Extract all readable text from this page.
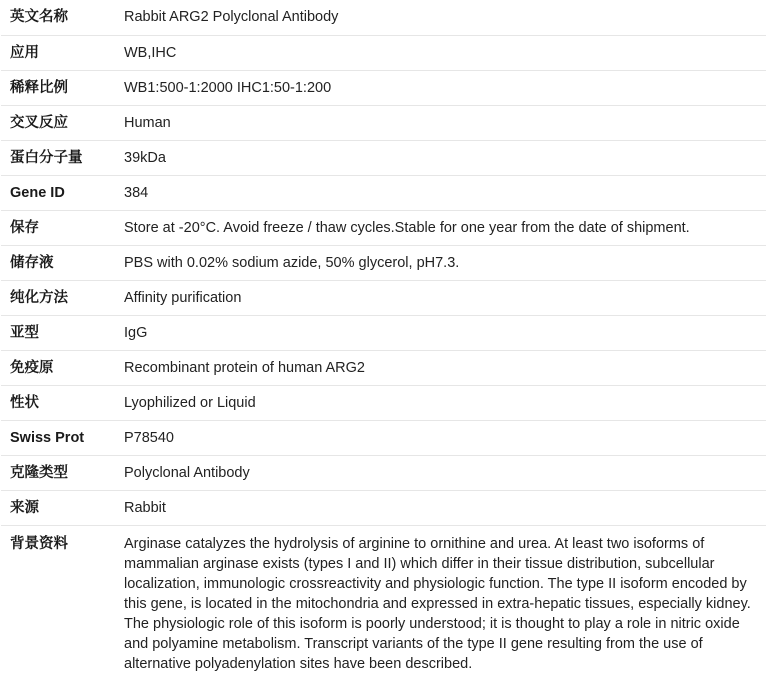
英文名称	Rabbit ARG2 Polyclonal Antibody
应用	WB,IHC
稀释比例	WB1:500-1:2000 IHC1:50-1:200
交叉反应	Human
蛋白分子量	39kDa
Gene ID	384
保存	Store at -20°C. Avoid freeze / thaw cycles.Stable for one year from the date of shipment.
储存液	PBS with 0.02% sodium azide, 50% glycerol, pH7.3.
纯化方法	Affinity purification
亚型	IgG
免疫原	Recombinant protein of human ARG2
性状	Lyophilized or Liquid
Swiss Prot	P78540
克隆类型	Polyclonal Antibody
来源	Rabbit
背景资料	Arginase catalyzes the hydrolysis of arginine to ornithine and urea. At least two isoforms of mammalian arginase exists (types I and II) which differ in their tissue distribution, subcellular localization, immunologic crossreactivity and physiologic function. The type II isoform encoded by this gene, is located in the mitochondria and expressed in extra-hepatic tissues, especially kidney. The physiologic role of this isoform is poorly understood; it is thought to play a role in nitric oxide and polyamine metabolism. Transcript variants of the type II gene resulting from the use of alternative polyadenylation sites have been described.
